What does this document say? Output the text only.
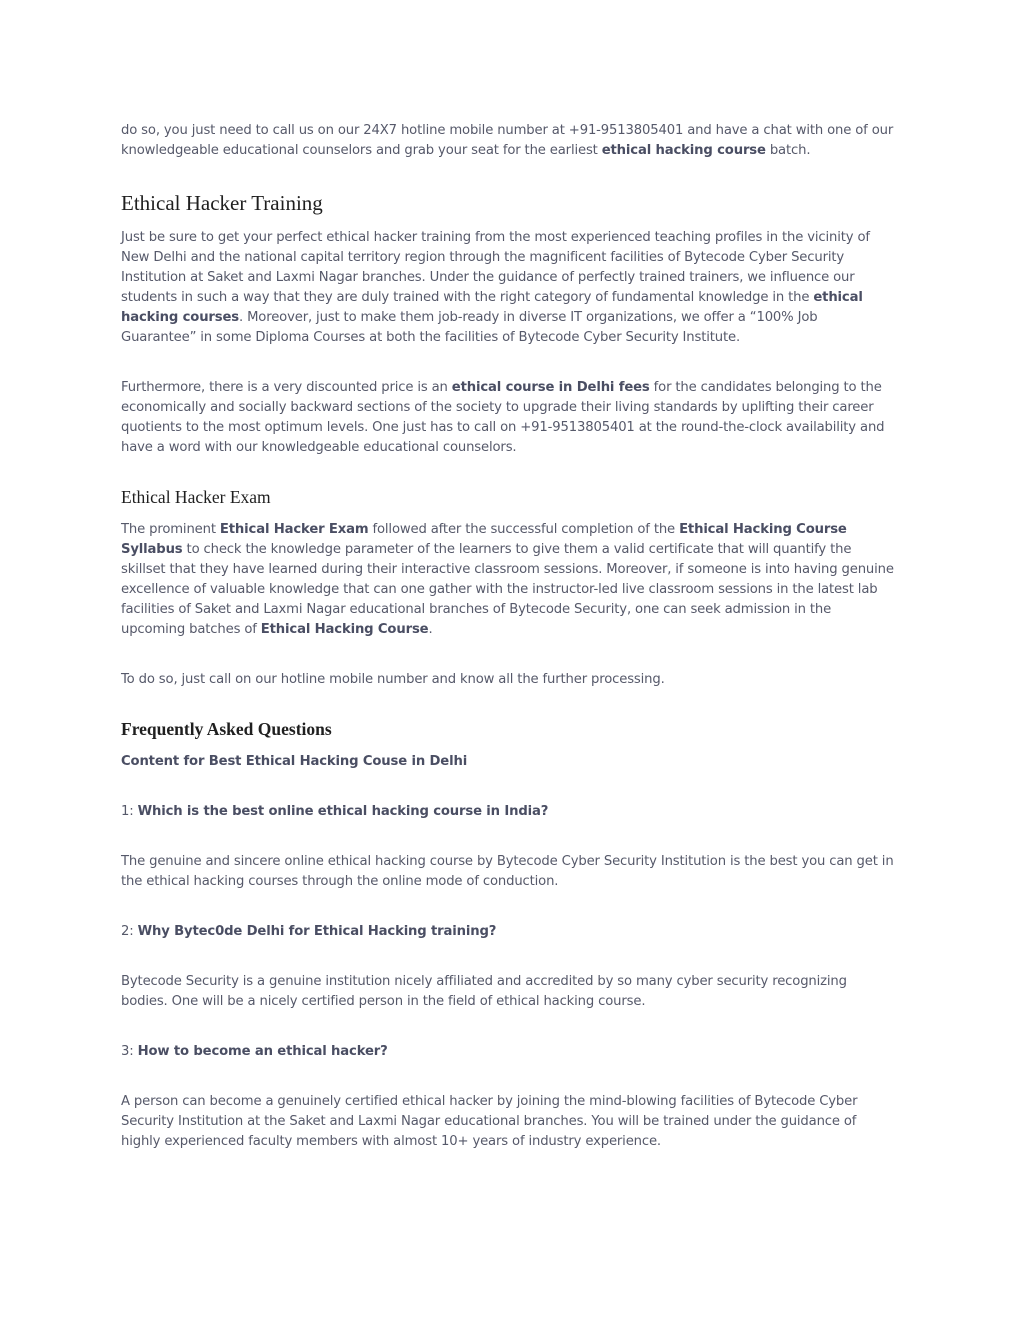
do so, you just need to call us on our 24X7 hotline mobile number at +91-9513805401 and have a chat with one of our knowledgeable educational counselors and grab your seat for the earliest ethical hacking course batch.

Ethical Hacker Training

Just be sure to get your perfect ethical hacker training from the most experienced teaching profiles in the vicinity of New Delhi and the national capital territory region through the magnificent facilities of Bytecode Cyber Security Institution at Saket and Laxmi Nagar branches. Under the guidance of perfectly trained trainers, we influence our students in such a way that they are duly trained with the right category of fundamental knowledge in the ethical hacking courses. Moreover, just to make them job-ready in diverse IT organizations, we offer a “100% Job Guarantee” in some Diploma Courses at both the facilities of Bytecode Cyber Security Institute.

Furthermore, there is a very discounted price is an ethical course in Delhi fees for the candidates belonging to the economically and socially backward sections of the society to upgrade their living standards by uplifting their career quotients to the most optimum levels. One just has to call on +91-9513805401 at the round-the-clock availability and have a word with our knowledgeable educational counselors.

Ethical Hacker Exam

The prominent Ethical Hacker Exam followed after the successful completion of the Ethical Hacking Course Syllabus to check the knowledge parameter of the learners to give them a valid certificate that will quantify the skillset that they have learned during their interactive classroom sessions. Moreover, if someone is into having genuine excellence of valuable knowledge that can one gather with the instructor-led live classroom sessions in the latest lab facilities of Saket and Laxmi Nagar educational branches of Bytecode Security, one can seek admission in the upcoming batches of Ethical Hacking Course.

To do so, just call on our hotline mobile number and know all the further processing.

Frequently Asked Questions

Content for Best Ethical Hacking Couse in Delhi

1: Which is the best online ethical hacking course in India?

The genuine and sincere online ethical hacking course by Bytecode Cyber Security Institution is the best you can get in the ethical hacking courses through the online mode of conduction.

2: Why Bytec0de Delhi for Ethical Hacking training?

Bytecode Security is a genuine institution nicely affiliated and accredited by so many cyber security recognizing bodies. One will be a nicely certified person in the field of ethical hacking course.

3: How to become an ethical hacker?

A person can become a genuinely certified ethical hacker by joining the mind-blowing facilities of Bytecode Cyber Security Institution at the Saket and Laxmi Nagar educational branches. You will be trained under the guidance of highly experienced faculty members with almost 10+ years of industry experience.
